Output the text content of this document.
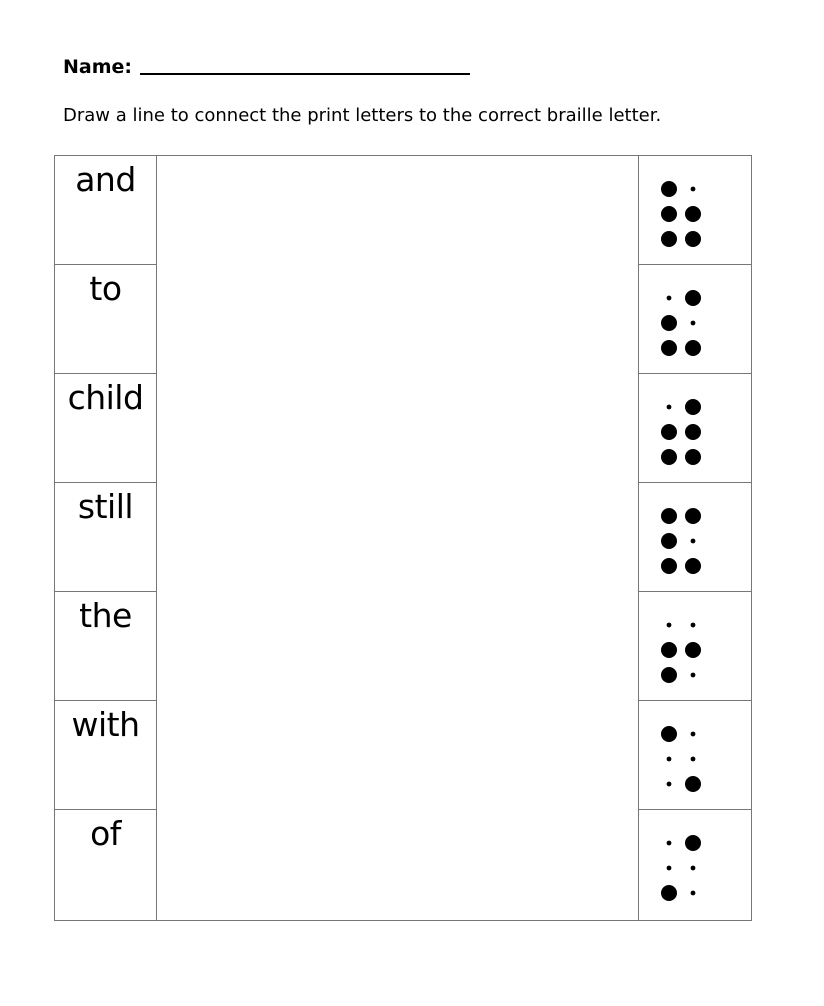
Name:
Draw a line to connect the print letters to the correct braille letter.
and
to
child
still
the
with
of
